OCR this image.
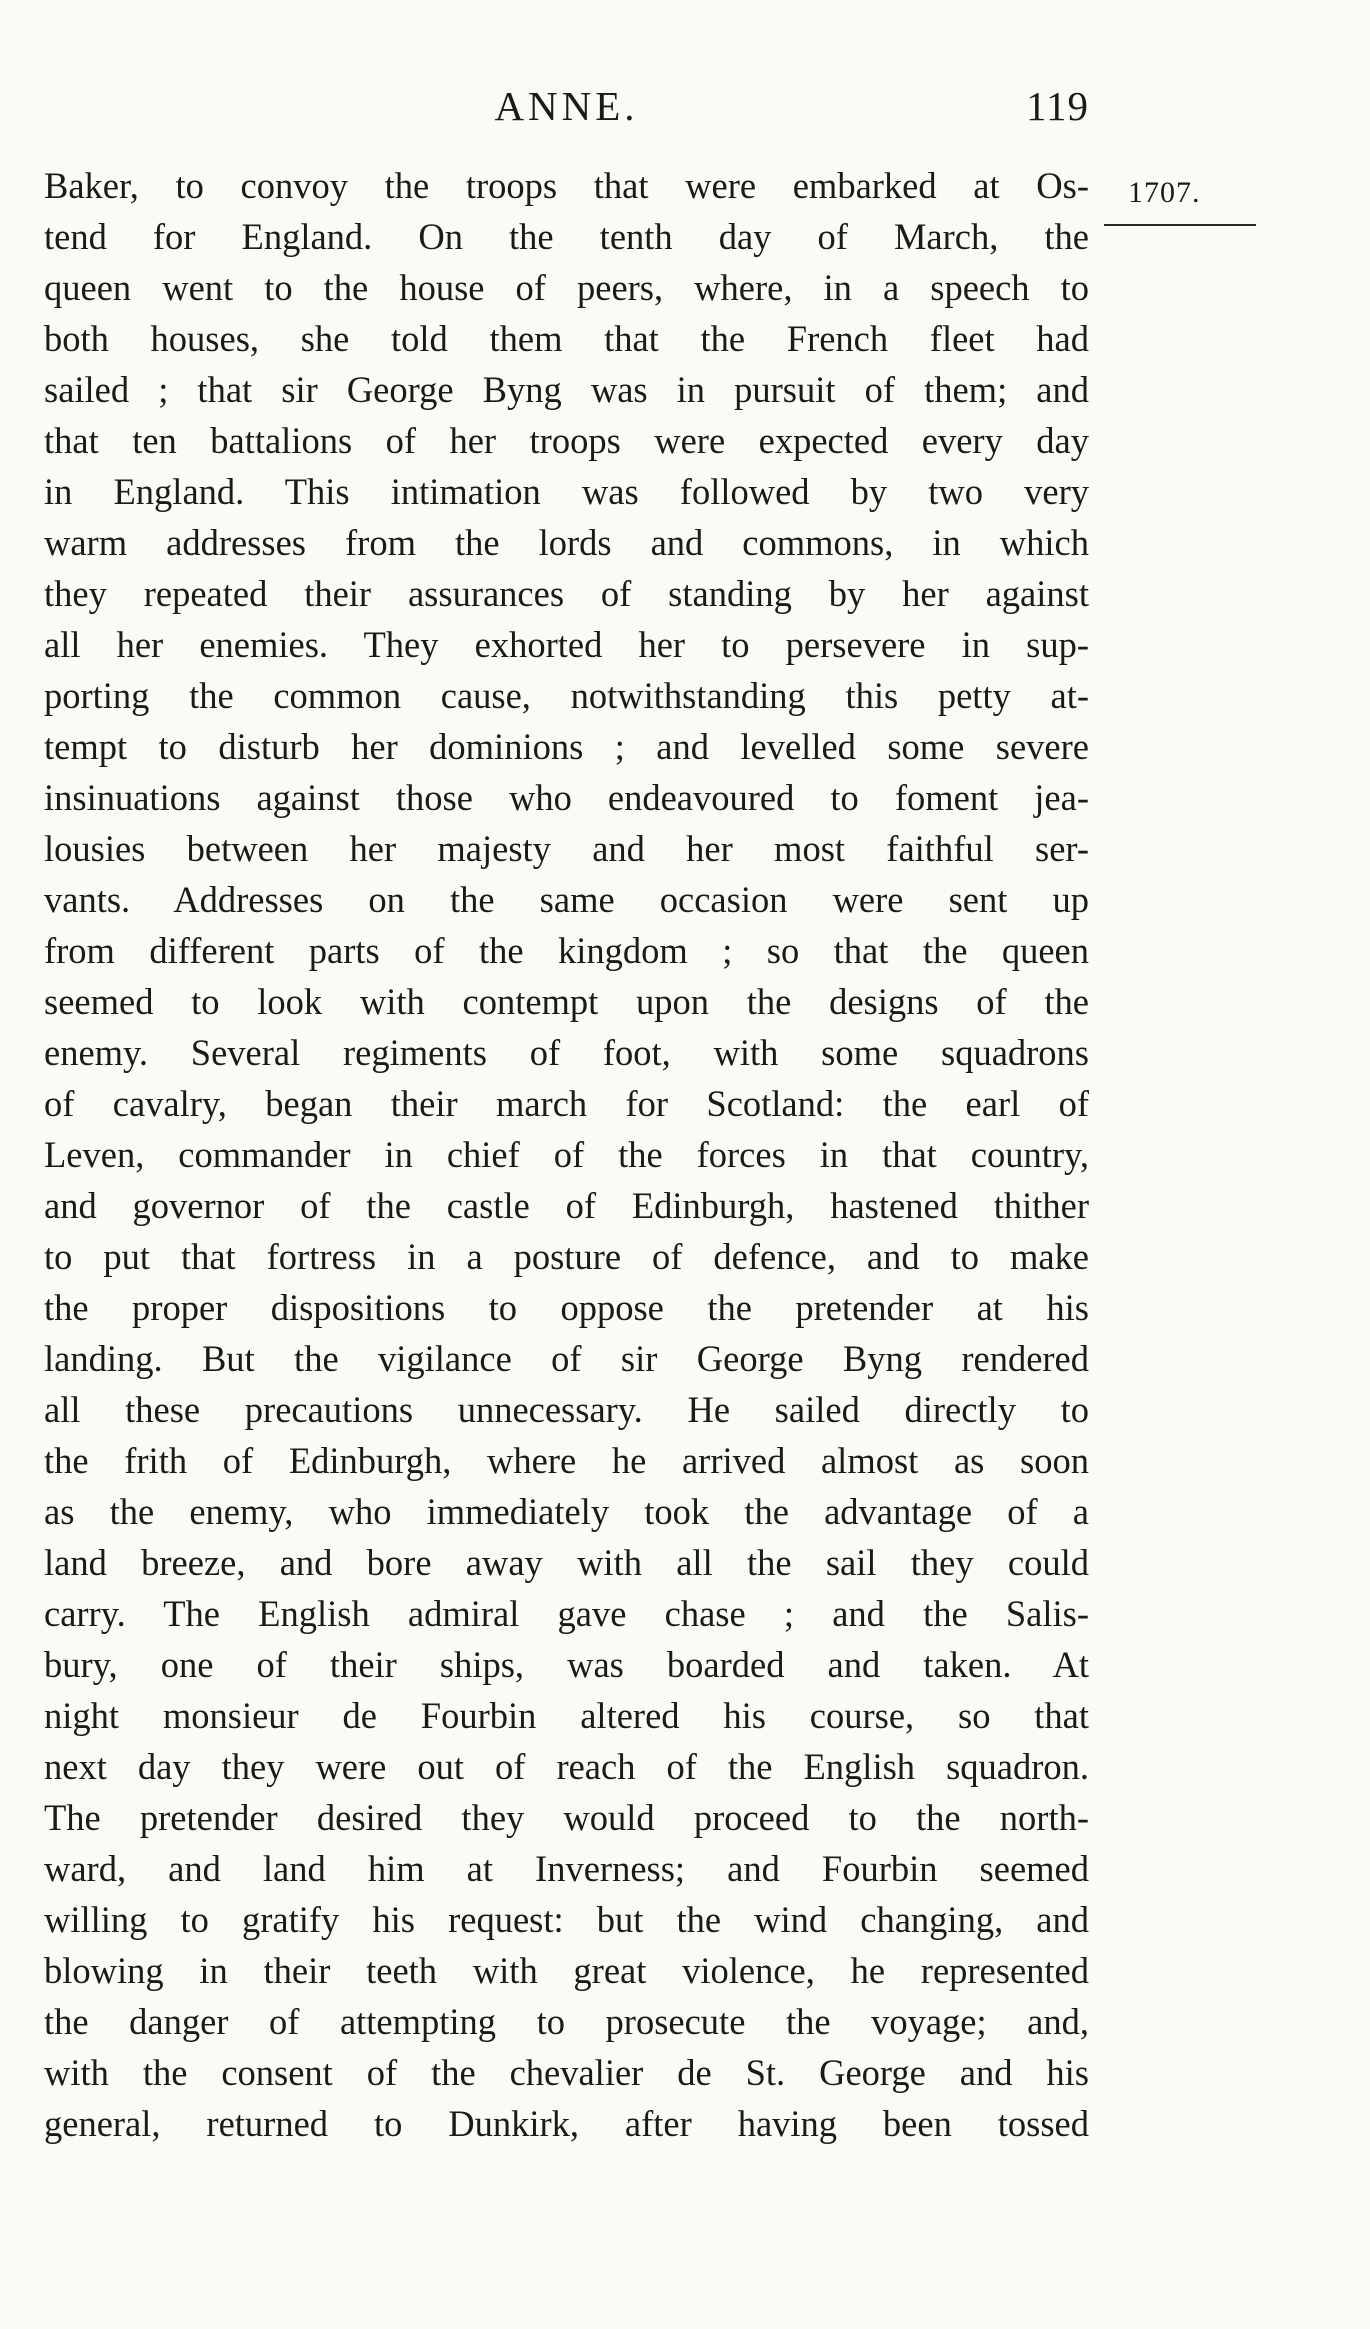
ANNE.	119
1707.
Baker, to convoy the troops that were embarked at Os-
tend for England. On the tenth day of March, the
queen went to the house of peers, where, in a speech to
both houses, she told them that the French fleet had
sailed ; that sir George Byng was in pursuit of them; and
that ten battalions of her troops were expected every day
in England. This intimation was followed by two very
warm addresses from the lords and commons, in which
they repeated their assurances of standing by her against
all her enemies. They exhorted her to persevere in sup-
porting the common cause, notwithstanding this petty at-
tempt to disturb her dominions ; and levelled some severe
insinuations against those who endeavoured to foment jea-
lousies between her majesty and her most faithful ser-
vants. Addresses on the same occasion were sent up
from different parts of the kingdom ; so that the queen
seemed to look with contempt upon the designs of the
enemy. Several regiments of foot, with some squadrons
of cavalry, began their march for Scotland: the earl of
Leven, commander in chief of the forces in that country,
and governor of the castle of Edinburgh, hastened thither
to put that fortress in a posture of defence, and to make
the proper dispositions to oppose the pretender at his
landing. But the vigilance of sir George Byng rendered
all these precautions unnecessary. He sailed directly to
the frith of Edinburgh, where he arrived almost as soon
as the enemy, who immediately took the advantage of a
land breeze, and bore away with all the sail they could
carry. The English admiral gave chase ; and the Salis-
bury, one of their ships, was boarded and taken. At
night monsieur de Fourbin altered his course, so that
next day they were out of reach of the English squadron.
The pretender desired they would proceed to the north-
ward, and land him at Inverness; and Fourbin seemed
willing to gratify his request: but the wind changing, and
blowing in their teeth with great violence, he represented
the danger of attempting to prosecute the voyage; and,
with the consent of the chevalier de St. George and his
general, returned to Dunkirk, after having been tossed
